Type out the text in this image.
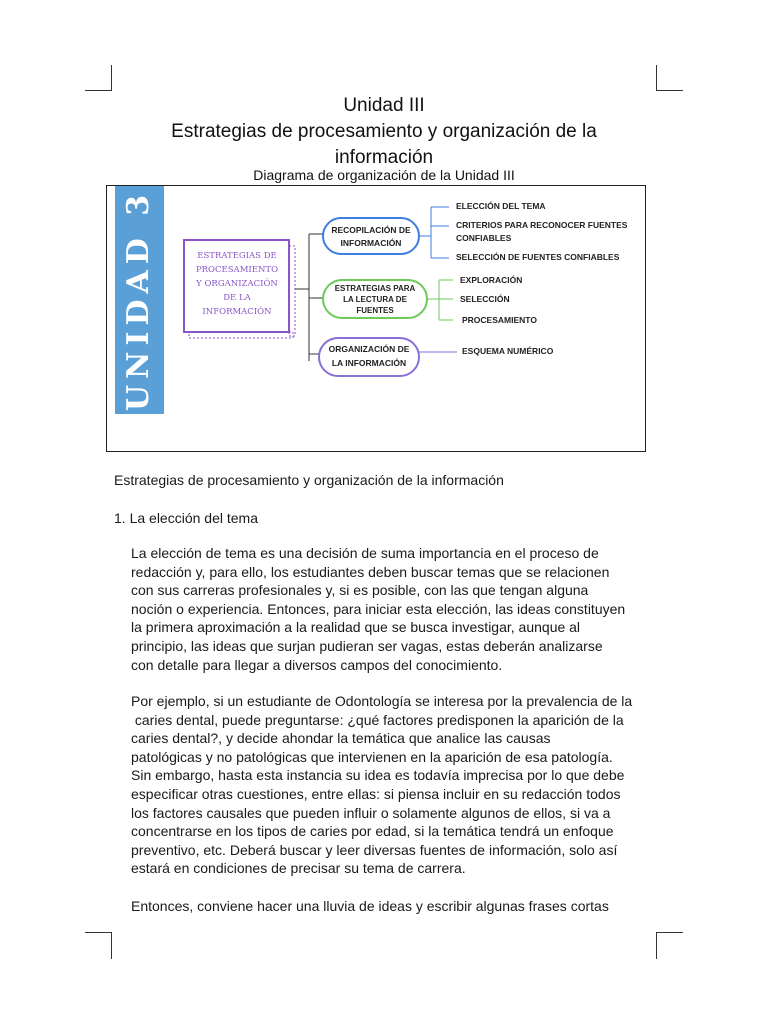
Unidad III
Estrategias de procesamiento y organización de la
información
Diagrama de organización de la Unidad III
UNIDAD 3	ESTRATEGIAS DE
PROCESAMIENTO
Y ORGANIZACIÓN
DE LA
INFORMACIÓN
RECOPILACIÓN DE
INFORMACIÓN
ELECCIÓN DEL TEMA
CRITERIOS PARA RECONOCER FUENTES
CONFIABLES
SELECCIÓN DE FUENTES CONFIABLES
ESTRATEGIAS PARA
LA LECTURA DE
FUENTES
EXPLORACIÓN
SELECCIÓN
PROCESAMIENTO
ORGANIZACIÓN DE
LA INFORMACIÓN
ESQUEMA NUMÉRICO
Estrategias de procesamiento y organización de la información
1. La elección del tema
La elección de tema es una decisión de suma importancia en el proceso de
redacción y, para ello, los estudiantes deben buscar temas que se relacionen
con sus carreras profesionales y, si es posible, con las que tengan alguna
noción o experiencia. Entonces, para iniciar esta elección, las ideas constituyen
la primera aproximación a la realidad que se busca investigar, aunque al
principio, las ideas que surjan pudieran ser vagas, estas deberán analizarse
con detalle para llegar a diversos campos del conocimiento.
Por ejemplo, si un estudiante de Odontología se interesa por la prevalencia de la
caries dental, puede preguntarse: ¿qué factores predisponen la aparición de la
caries dental?, y decide ahondar la temática que analice las causas
patológicas y no patológicas que intervienen en la aparición de esa patología.
Sin embargo, hasta esta instancia su idea es todavía imprecisa por lo que debe
especificar otras cuestiones, entre ellas: si piensa incluir en su redacción todos
los factores causales que pueden influir o solamente algunos de ellos, si va a
concentrarse en los tipos de caries por edad, si la temática tendrá un enfoque
preventivo, etc. Deberá buscar y leer diversas fuentes de información, solo así
estará en condiciones de precisar su tema de carrera.
Entonces, conviene hacer una lluvia de ideas y escribir algunas frases cortas
